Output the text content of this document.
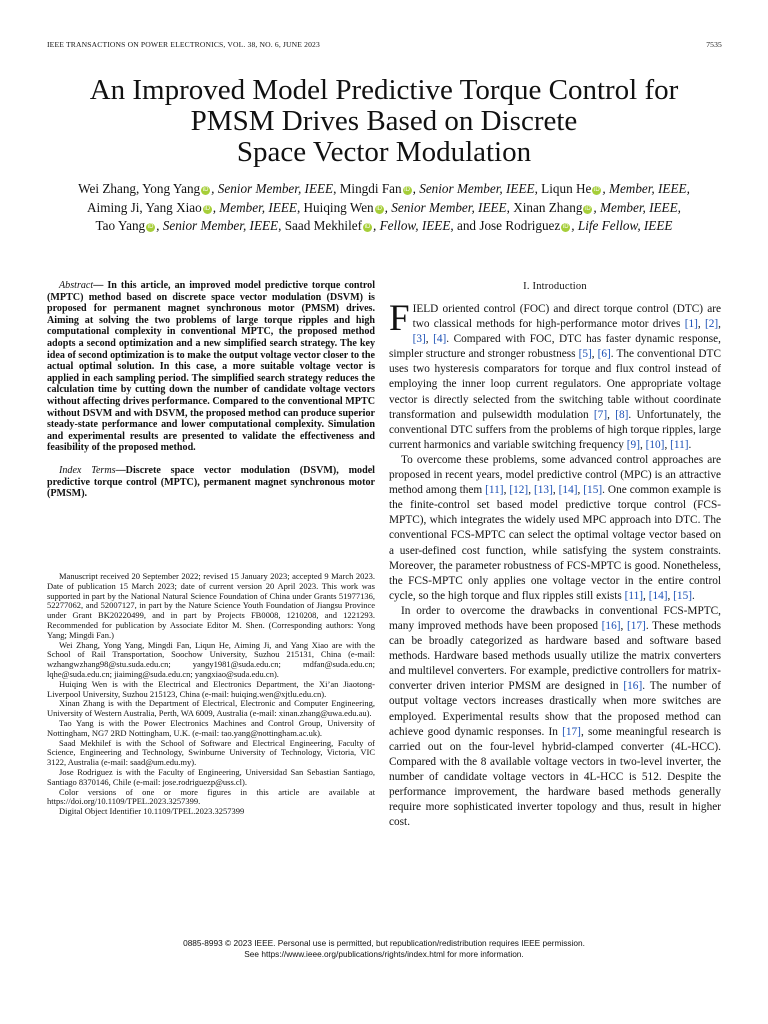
IEEE TRANSACTIONS ON POWER ELECTRONICS, VOL. 38, NO. 6, JUNE 2023	7535
An Improved Model Predictive Torque Control for
PMSM Drives Based on Discrete
Space Vector Modulation
Wei Zhang, Yong Yang iD , Senior Member, IEEE, Mingdi Fan iD , Senior Member, IEEE, Liqun He iD , Member, IEEE,
Aiming Ji, Yang Xiao iD , Member, IEEE, Huiqing Wen iD , Senior Member, IEEE, Xinan Zhang iD , Member, IEEE,
Tao Yang iD , Senior Member, IEEE, Saad Mekhilef iD , Fellow, IEEE, and Jose Rodriguez iD , Life Fellow, IEEE

Abstract— In this article, an improved model predictive torque control (MPTC) method based on discrete space vector modulation (DSVM) is proposed for permanent magnet synchronous motor (PMSM) drives. Aiming at solving the two problems of large torque ripples and high computational complexity in conventional MPTC, the proposed method adopts a second optimization and a new simplified search strategy. The key idea of second optimization is to make the output voltage vector closer to the actual optimal solution. In this case, a more suitable voltage vector is applied in each sampling period. The simplified search strategy reduces the calculation time by cutting down the number of candidate voltage vectors without affecting drives performance. Compared to the conventional MPTC without DSVM and with DSVM, the proposed method can produce superior steady-state performance and lower computational complexity. Simulation and experimental results are presented to validate the effectiveness and feasibility of the proposed method.

Index Terms—Discrete space vector modulation (DSVM), model predictive torque control (MPTC), permanent magnet synchronous motor (PMSM).

Manuscript received 20 September 2022; revised 15 January 2023; accepted 9 March 2023. Date of publication 15 March 2023; date of current version 20 April 2023. This work was supported in part by the National Natural Science Foundation of China under Grants 51977136, 52277062, and 52007127, in part by the Nature Science Youth Foundation of Jiangsu Province under Grant BK20220499, and in part by Projects FB0008, 1210208, and 1221293. Recommended for publication by Associate Editor M. Shen. (Corresponding authors: Yong Yang; Mingdi Fan.)

Wei Zhang, Yong Yang, Mingdi Fan, Liqun He, Aiming Ji, and Yang Xiao are with the School of Rail Transportation, Soochow University, Suzhou 215131, China (e-mail: wzhangwzhang98@stu.suda.edu.cn; yangy1981@suda.edu.cn; mdfan@suda.edu.cn; lqhe@suda.edu.cn; jiaiming@suda.edu.cn; yangxiao@suda.edu.cn).

Huiqing Wen is with the Electrical and Electronics Department, the Xi’an Jiaotong-Liverpool University, Suzhou 215123, China (e-mail: huiqing.wen@xjtlu.edu.cn).

Xinan Zhang is with the Department of Electrical, Electronic and Computer Engineering, University of Western Australia, Perth, WA 6009, Australia (e-mail: xinan.zhang@uwa.edu.au).

Tao Yang is with the Power Electronics Machines and Control Group, University of Nottingham, NG7 2RD Nottingham, U.K. (e-mail: tao.yang@nottingham.ac.uk).

Saad Mekhilef is with the School of Software and Electrical Engineering, Faculty of Science, Engineering and Technology, Swinburne University of Technology, Victoria, VIC 3122, Australia (e-mail: saad@um.edu.my).

Jose Rodriguez is with the Faculty of Engineering, Universidad San Sebastian Santiago, Santiago 8370146, Chile (e-mail: jose.rodriguezp@uss.cl).

Color versions of one or more figures in this article are available at https://doi.org/10.1109/TPEL.2023.3257399.

Digital Object Identifier 10.1109/TPEL.2023.3257399

I. Introduction

FIELD oriented control (FOC) and direct torque control (DTC) are two classical methods for high-performance motor drives [1], [2], [3], [4]. Compared with FOC, DTC has faster dynamic response, simpler structure and stronger robustness [5], [6]. The conventional DTC uses two hysteresis comparators for torque and flux control instead of employing the inner loop current regulators. One appropriate voltage vector is directly selected from the switching table without coordinate transformation and pulsewidth modulation [7], [8]. Unfortunately, the conventional DTC suffers from the problems of high torque ripples, large current harmonics and variable switching frequency [9], [10], [11].

To overcome these problems, some advanced control approaches are proposed in recent years, model predictive control (MPC) is an attractive method among them [11], [12], [13], [14], [15]. One common example is the finite-control set based model predictive torque control (FCS-MPTC), which integrates the widely used MPC approach into DTC. The conventional FCS-MPTC can select the optimal voltage vector based on a user-defined cost function, while satisfying the system constraints. Moreover, the parameter robustness of FCS-MPTC is good. Nonetheless, the FCS-MPTC only applies one voltage vector in the entire control cycle, so the high torque and flux ripples still exists [11], [14], [15].

In order to overcome the drawbacks in conventional FCS-MPTC, many improved methods have been proposed [16], [17]. These methods can be broadly categorized as hardware based and software based methods. Hardware based methods usually utilize the matrix converters and multilevel converters. For example, predictive controllers for matrix-converter driven interior PMSM are designed in [16]. The number of output voltage vectors increases drastically when more switches are employed. Experimental results show that the proposed method can achieve good dynamic responses. In [17], some meaningful research is carried out on the four-level hybrid-clamped converter (4L-HCC). Compared with the 8 available voltage vectors in two-level inverter, the number of candidate voltage vectors in 4L-HCC is 512. Despite the performance improvement, the hardware based methods generally require more sophisticated inverter topology and thus, result in higher cost.

0885-8993 © 2023 IEEE. Personal use is permitted, but republication/redistribution requires IEEE permission.
See https://www.ieee.org/publications/rights/index.html for more information.
